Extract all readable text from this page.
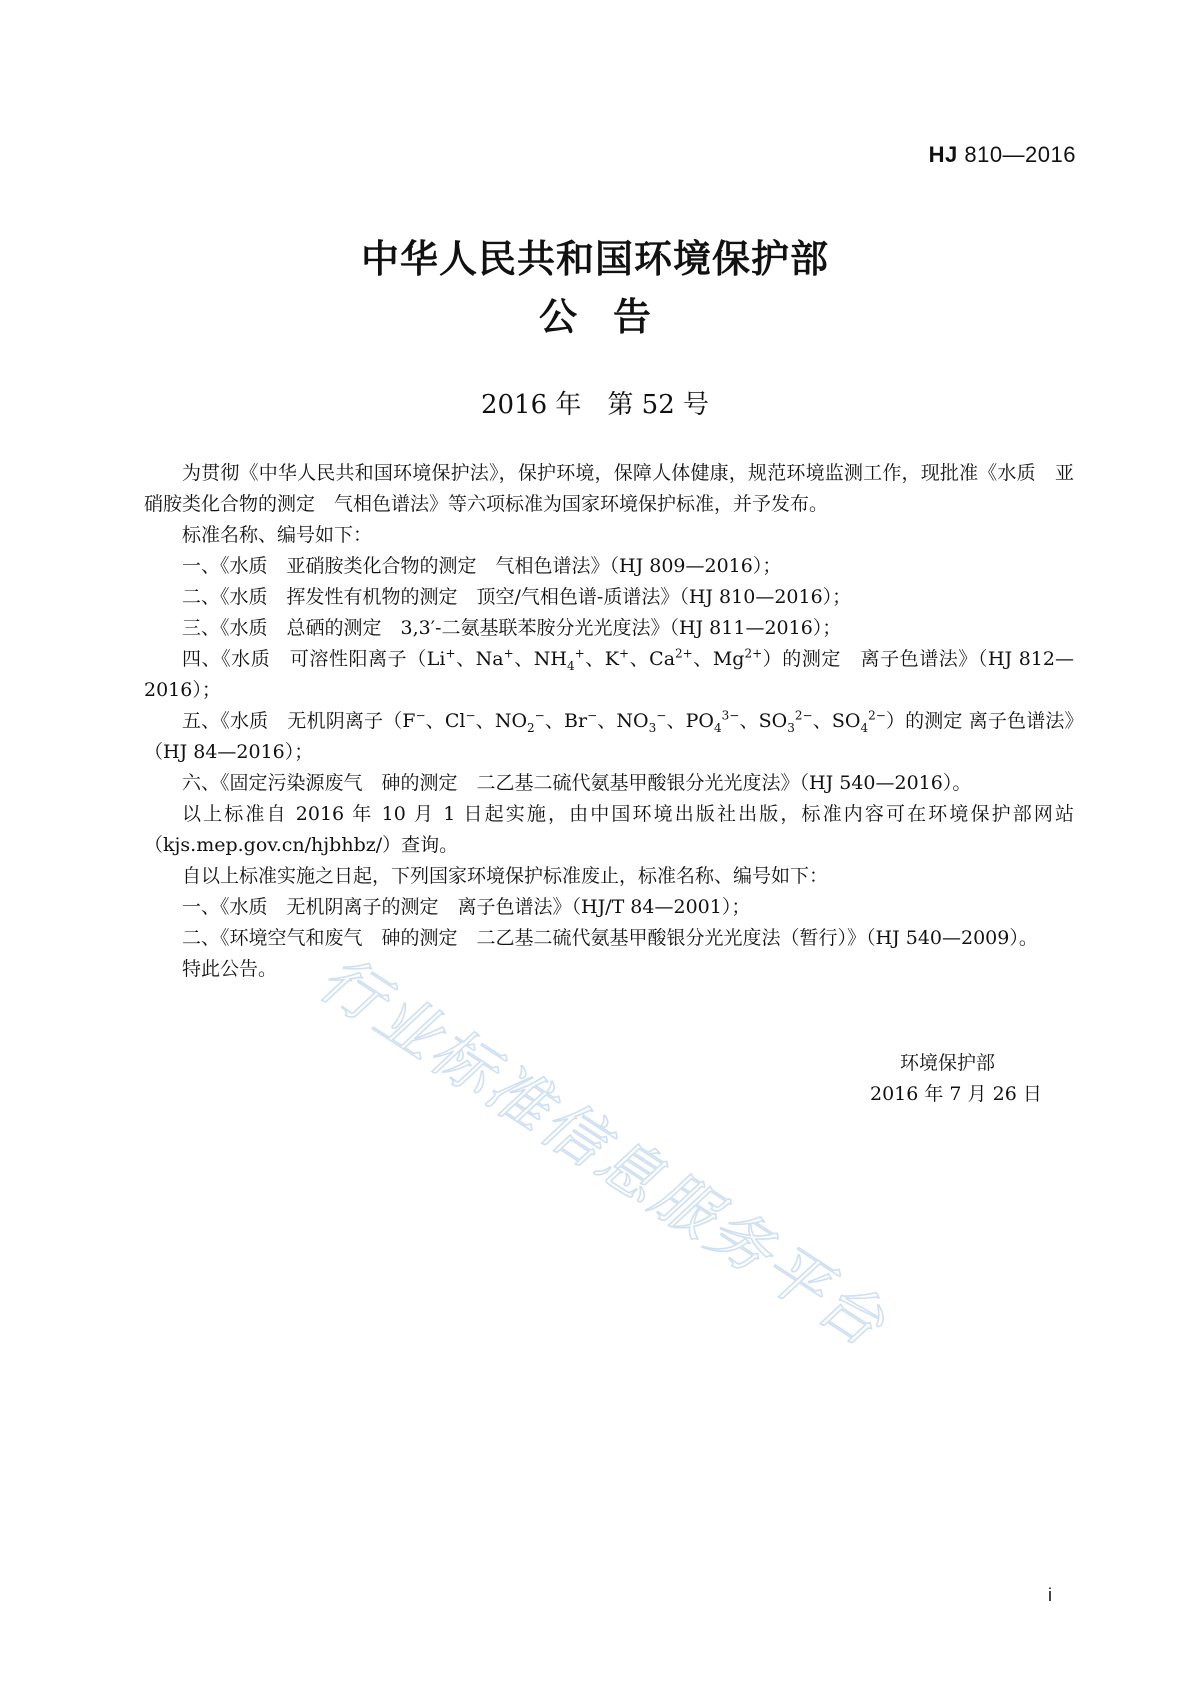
HJ 810—2016
中华人民共和国环境保护部
公告
2016 年　第 52 号

为贯彻《中华人民共和国环境保护法》，保护环境，保障人体健康，规范环境监测工作，现批准《水质　亚硝胺类化合物的测定　气相色谱法》等六项标准为国家环境保护标准，并予发布。

标准名称、编号如下：

一、《水质　亚硝胺类化合物的测定　气相色谱法》（HJ 809—2016）；

二、《水质　挥发性有机物的测定　顶空/气相色谱-质谱法》（HJ 810—2016）；

三、《水质　总硒的测定　3,3′-二氨基联苯胺分光光度法》（HJ 811—2016）；

四、《水质　可溶性阳离子（Li+、Na+、$NH_4^+$、K+、$Ca^{2+}$、$Mg^{2+}$）的测定　离子色谱法》（HJ 812—2016）；

五、《水质　无机阴离子（F−、Cl−、$NO_2^-$、Br−、$NO_3^-$、$PO_4^{3-}$、$SO_3^{2-}$、$SO_4^{2-}$）的测定 离子色谱法》（HJ 84—2016）；

六、《固定污染源废气　砷的测定　二乙基二硫代氨基甲酸银分光光度法》（HJ 540—2016）。

以上标准自 2016 年 10 月 1 日起实施，由中国环境出版社出版，标准内容可在环境保护部网站（kjs.mep.gov.cn/hjbhbz/）查询。

自以上标准实施之日起，下列国家环境保护标准废止，标准名称、编号如下：

一、《水质　无机阴离子的测定　离子色谱法》（HJ/T 84—2001）；

二、《环境空气和废气　砷的测定　二乙基二硫代氨基甲酸银分光光度法（暂行）》（HJ 540—2009）。

特此公告。

环境保护部
2016 年 7 月 26 日
行业标准信息服务平台
i
